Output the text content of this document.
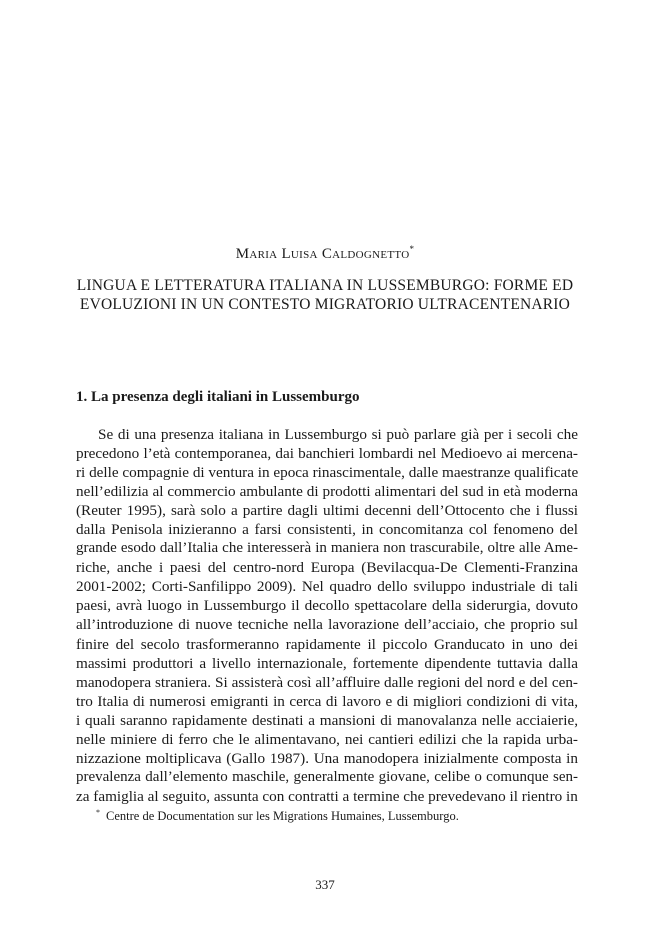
Maria Luisa Caldognetto*
LINGUA E LETTERATURA ITALIANA IN LUSSEMBURGO: FORME ED
EVOLUZIONI IN UN CONTESTO MIGRATORIO ULTRACENTENARIO
1. La presenza degli italiani in Lussemburgo
Se di una presenza italiana in Lussemburgo si può parlare già per i secoli che
precedono l’età contemporanea, dai banchieri lombardi nel Medioevo ai mercena-
ri delle compagnie di ventura in epoca rinascimentale, dalle maestranze qualificate
nell’edilizia al commercio ambulante di prodotti alimentari del sud in età moderna
(Reuter 1995), sarà solo a partire dagli ultimi decenni dell’Ottocento che i flussi
dalla Penisola inizieranno a farsi consistenti, in concomitanza col fenomeno del
grande esodo dall’Italia che interesserà in maniera non trascurabile, oltre alle Ame-
riche, anche i paesi del centro-nord Europa (Bevilacqua-De Clementi-Franzina
2001-2002; Corti-Sanfilippo 2009). Nel quadro dello sviluppo industriale di tali
paesi, avrà luogo in Lussemburgo il decollo spettacolare della siderurgia, dovuto
all’introduzione di nuove tecniche nella lavorazione dell’acciaio, che proprio sul
finire del secolo trasformeranno rapidamente il piccolo Granducato in uno dei
massimi produttori a livello internazionale, fortemente dipendente tuttavia dalla
manodopera straniera. Si assisterà così all’affluire dalle regioni del nord e del cen-
tro Italia di numerosi emigranti in cerca di lavoro e di migliori condizioni di vita,
i quali saranno rapidamente destinati a mansioni di manovalanza nelle acciaierie,
nelle miniere di ferro che le alimentavano, nei cantieri edilizi che la rapida urba-
nizzazione moltiplicava (Gallo 1987). Una manodopera inizialmente composta in
prevalenza dall’elemento maschile, generalmente giovane, celibe o comunque sen-
za famiglia al seguito, assunta con contratti a termine che prevedevano il rientro in
* Centre de Documentation sur les Migrations Humaines, Lussemburgo.
337
